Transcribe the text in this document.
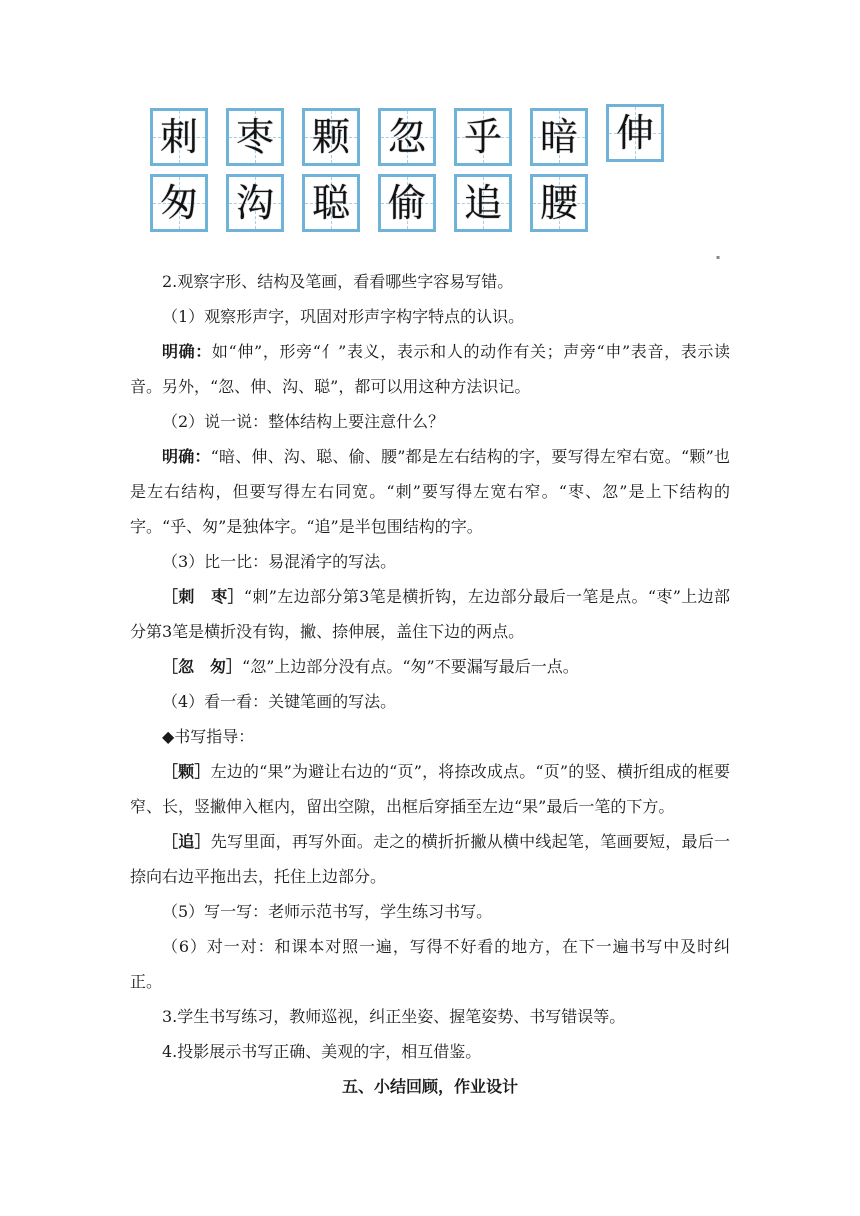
刺 枣 颗 忽 乎 暗 伸
匆 沟 聪 偷 追 腰
▪

2.观察字形、结构及笔画，看看哪些字容易写错。

（1）观察形声字，巩固对形声字构字特点的认识。

明确：如“伸”，形旁“亻”表义，表示和人的动作有关；声旁“申”表音，表示读音。另外，“忽、伸、沟、聪”，都可以用这种方法识记。

（2）说一说：整体结构上要注意什么？

明确：“暗、伸、沟、聪、偷、腰”都是左右结构的字，要写得左窄右宽。“颗”也是左右结构，但要写得左右同宽。“刺”要写得左宽右窄。“枣、忽”是上下结构的字。“乎、匆”是独体字。“追”是半包围结构的字。

（3）比一比：易混淆字的写法。

［刺　枣］“刺”左边部分第3笔是横折钩，左边部分最后一笔是点。“枣”上边部分第3笔是横折没有钩，撇、捺伸展，盖住下边的两点。

［忽　匆］“忽”上边部分没有点。“匆”不要漏写最后一点。

（4）看一看：关键笔画的写法。

◆书写指导：

［颗］左边的“果”为避让右边的“页”，将捺改成点。“页”的竖、横折组成的框要窄、长，竖撇伸入框内，留出空隙，出框后穿插至左边“果”最后一笔的下方。

［追］先写里面，再写外面。走之的横折折撇从横中线起笔，笔画要短，最后一捺向右边平拖出去，托住上边部分。

（5）写一写：老师示范书写，学生练习书写。

（6）对一对：和课本对照一遍，写得不好看的地方，在下一遍书写中及时纠正。

3.学生书写练习，教师巡视，纠正坐姿、握笔姿势、书写错误等。

4.投影展示书写正确、美观的字，相互借鉴。

五、小结回顾，作业设计
